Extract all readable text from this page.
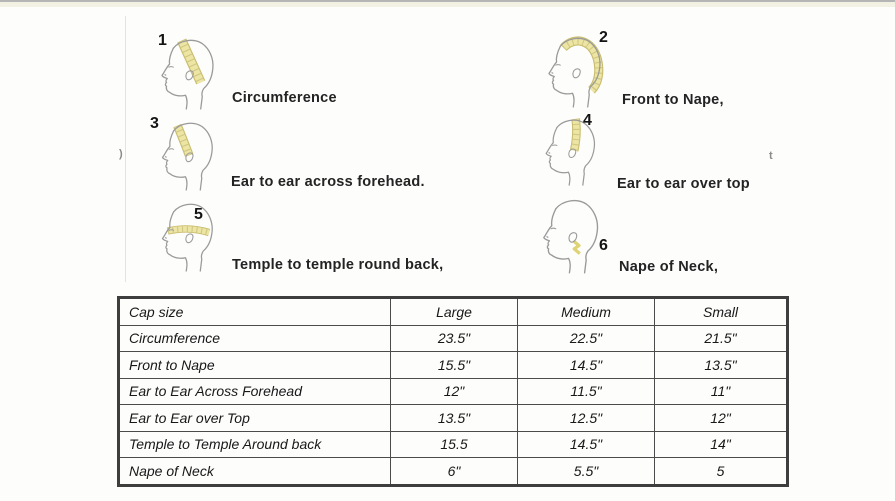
)	t
1
Circumference
2
Front to Nape,
3
Ear to ear across forehead.
4
Ear to ear over top
5
Temple to temple round back,
6
Nape of Neck,
Cap size	Large	Medium	Small
Circumference	23.5"	22.5"	21.5"
Front to Nape	15.5"	14.5"	13.5"
Ear to Ear Across Forehead	12"	11.5"	11"
Ear to Ear over Top	13.5"	12.5"	12"
Temple to Temple Around back	15.5	14.5"	14"
Nape of Neck	6"	5.5"	5
